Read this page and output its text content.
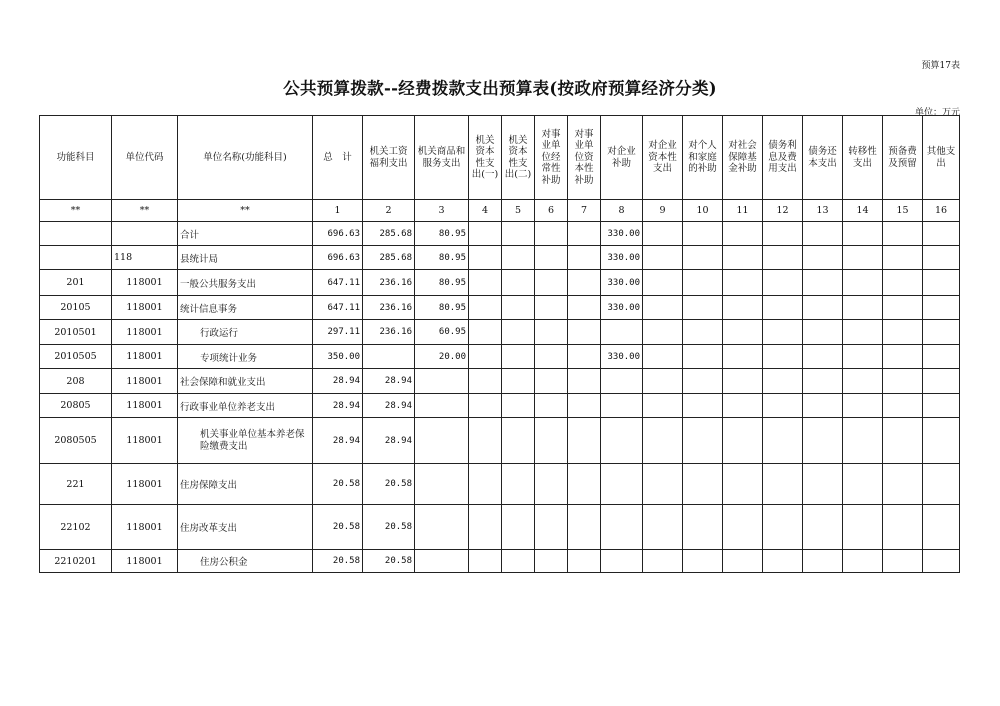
预算17表
公共预算拨款--经费拨款支出预算表(按政府预算经济分类)
单位：万元
功能科目	单位代码	单位名称(功能科目)	总　计	机关工资福利支出	机关商品和服务支出	机关资本性支出(一)	机关资本性支出(二)	对事业单位经常性补助	对事业单位资本性补助	对企业补助	对企业资本性支出	对个人和家庭的补助	对社会保障基金补助	债务利息及费用支出	债务还本支出	转移性支出	预备费及预留	其他支出
**	**	**	1	2	3	4	5	6	7	8	9	10	11	12	13	14	15	16
		合计	696.63	285.68	80.95					330.00								
	118	县统计局	696.63	285.68	80.95					330.00								
201	118001	一般公共服务支出	647.11	236.16	80.95					330.00								
20105	118001	统计信息事务	647.11	236.16	80.95					330.00								
2010501	118001	行政运行	297.11	236.16	60.95													
2010505	118001	专项统计业务	350.00		20.00					330.00								
208	118001	社会保障和就业支出	28.94	28.94														
20805	118001	行政事业单位养老支出	28.94	28.94														
2080505	118001	机关事业单位基本养老保险缴费支出	28.94	28.94														
221	118001	住房保障支出	20.58	20.58														
22102	118001	住房改革支出	20.58	20.58														
2210201	118001	住房公积金	20.58	20.58														
